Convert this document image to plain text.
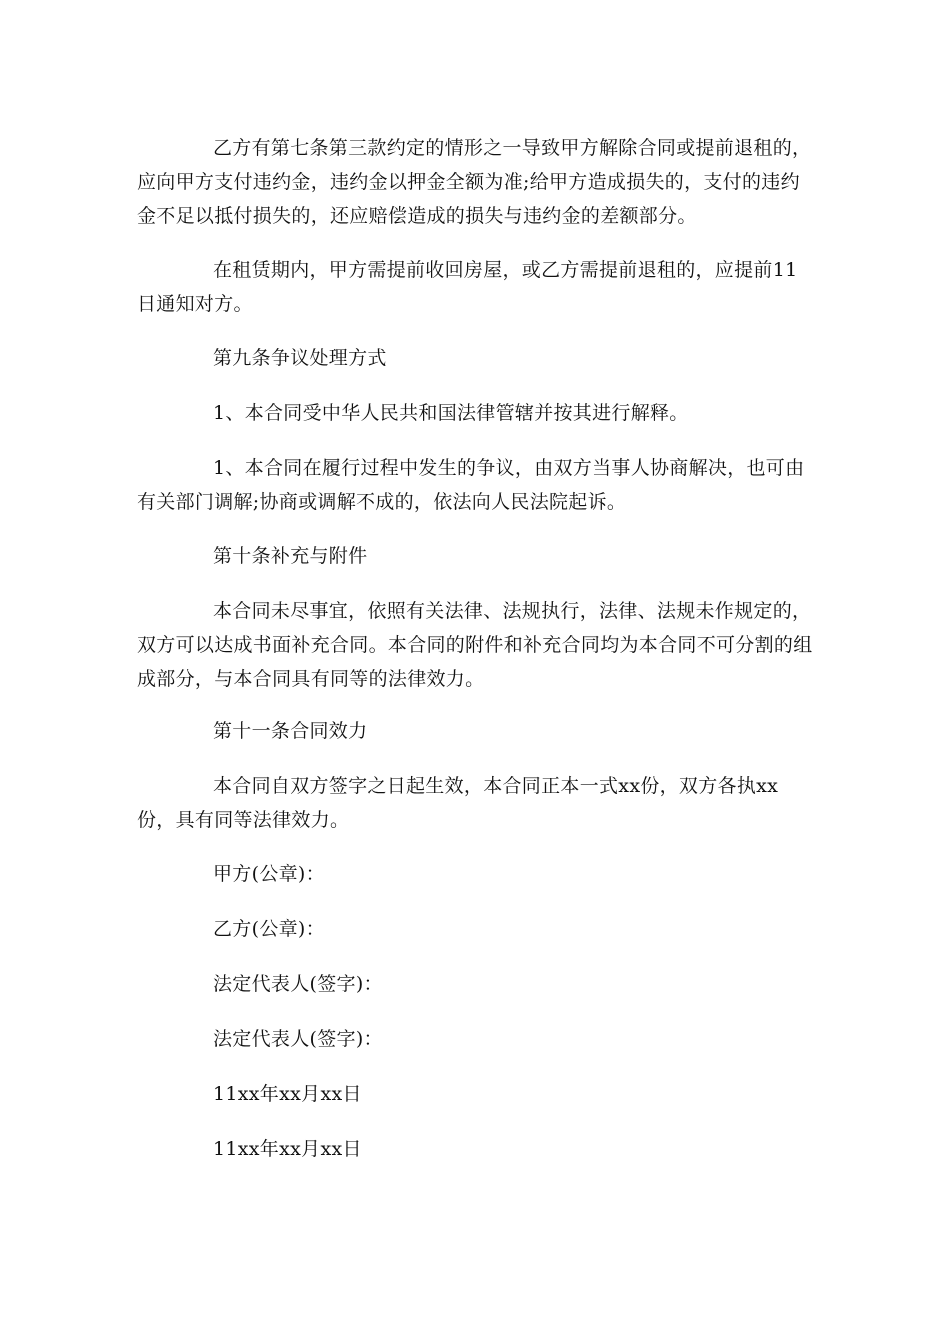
乙方有第七条第三款约定的情形之一导致甲方解除合同或提前退租的，应向甲方支付违约金，违约金以押金全额为准;给甲方造成损失的，支付的违约金不足以抵付损失的，还应赔偿造成的损失与违约金的差额部分。

在租赁期内，甲方需提前收回房屋，或乙方需提前退租的，应提前11日通知对方。

第九条争议处理方式

1、本合同受中华人民共和国法律管辖并按其进行解释。

1、本合同在履行过程中发生的争议，由双方当事人协商解决，也可由有关部门调解;协商或调解不成的，依法向人民法院起诉。

第十条补充与附件

本合同未尽事宜，依照有关法律、法规执行，法律、法规未作规定的，双方可以达成书面补充合同。本合同的附件和补充合同均为本合同不可分割的组成部分，与本合同具有同等的法律效力。

第十一条合同效力

本合同自双方签字之日起生效，本合同正本一式xx份，双方各执xx份，具有同等法律效力。

甲方(公章)：

乙方(公章)：

法定代表人(签字)：

法定代表人(签字)：

11xx年xx月xx日

11xx年xx月xx日
